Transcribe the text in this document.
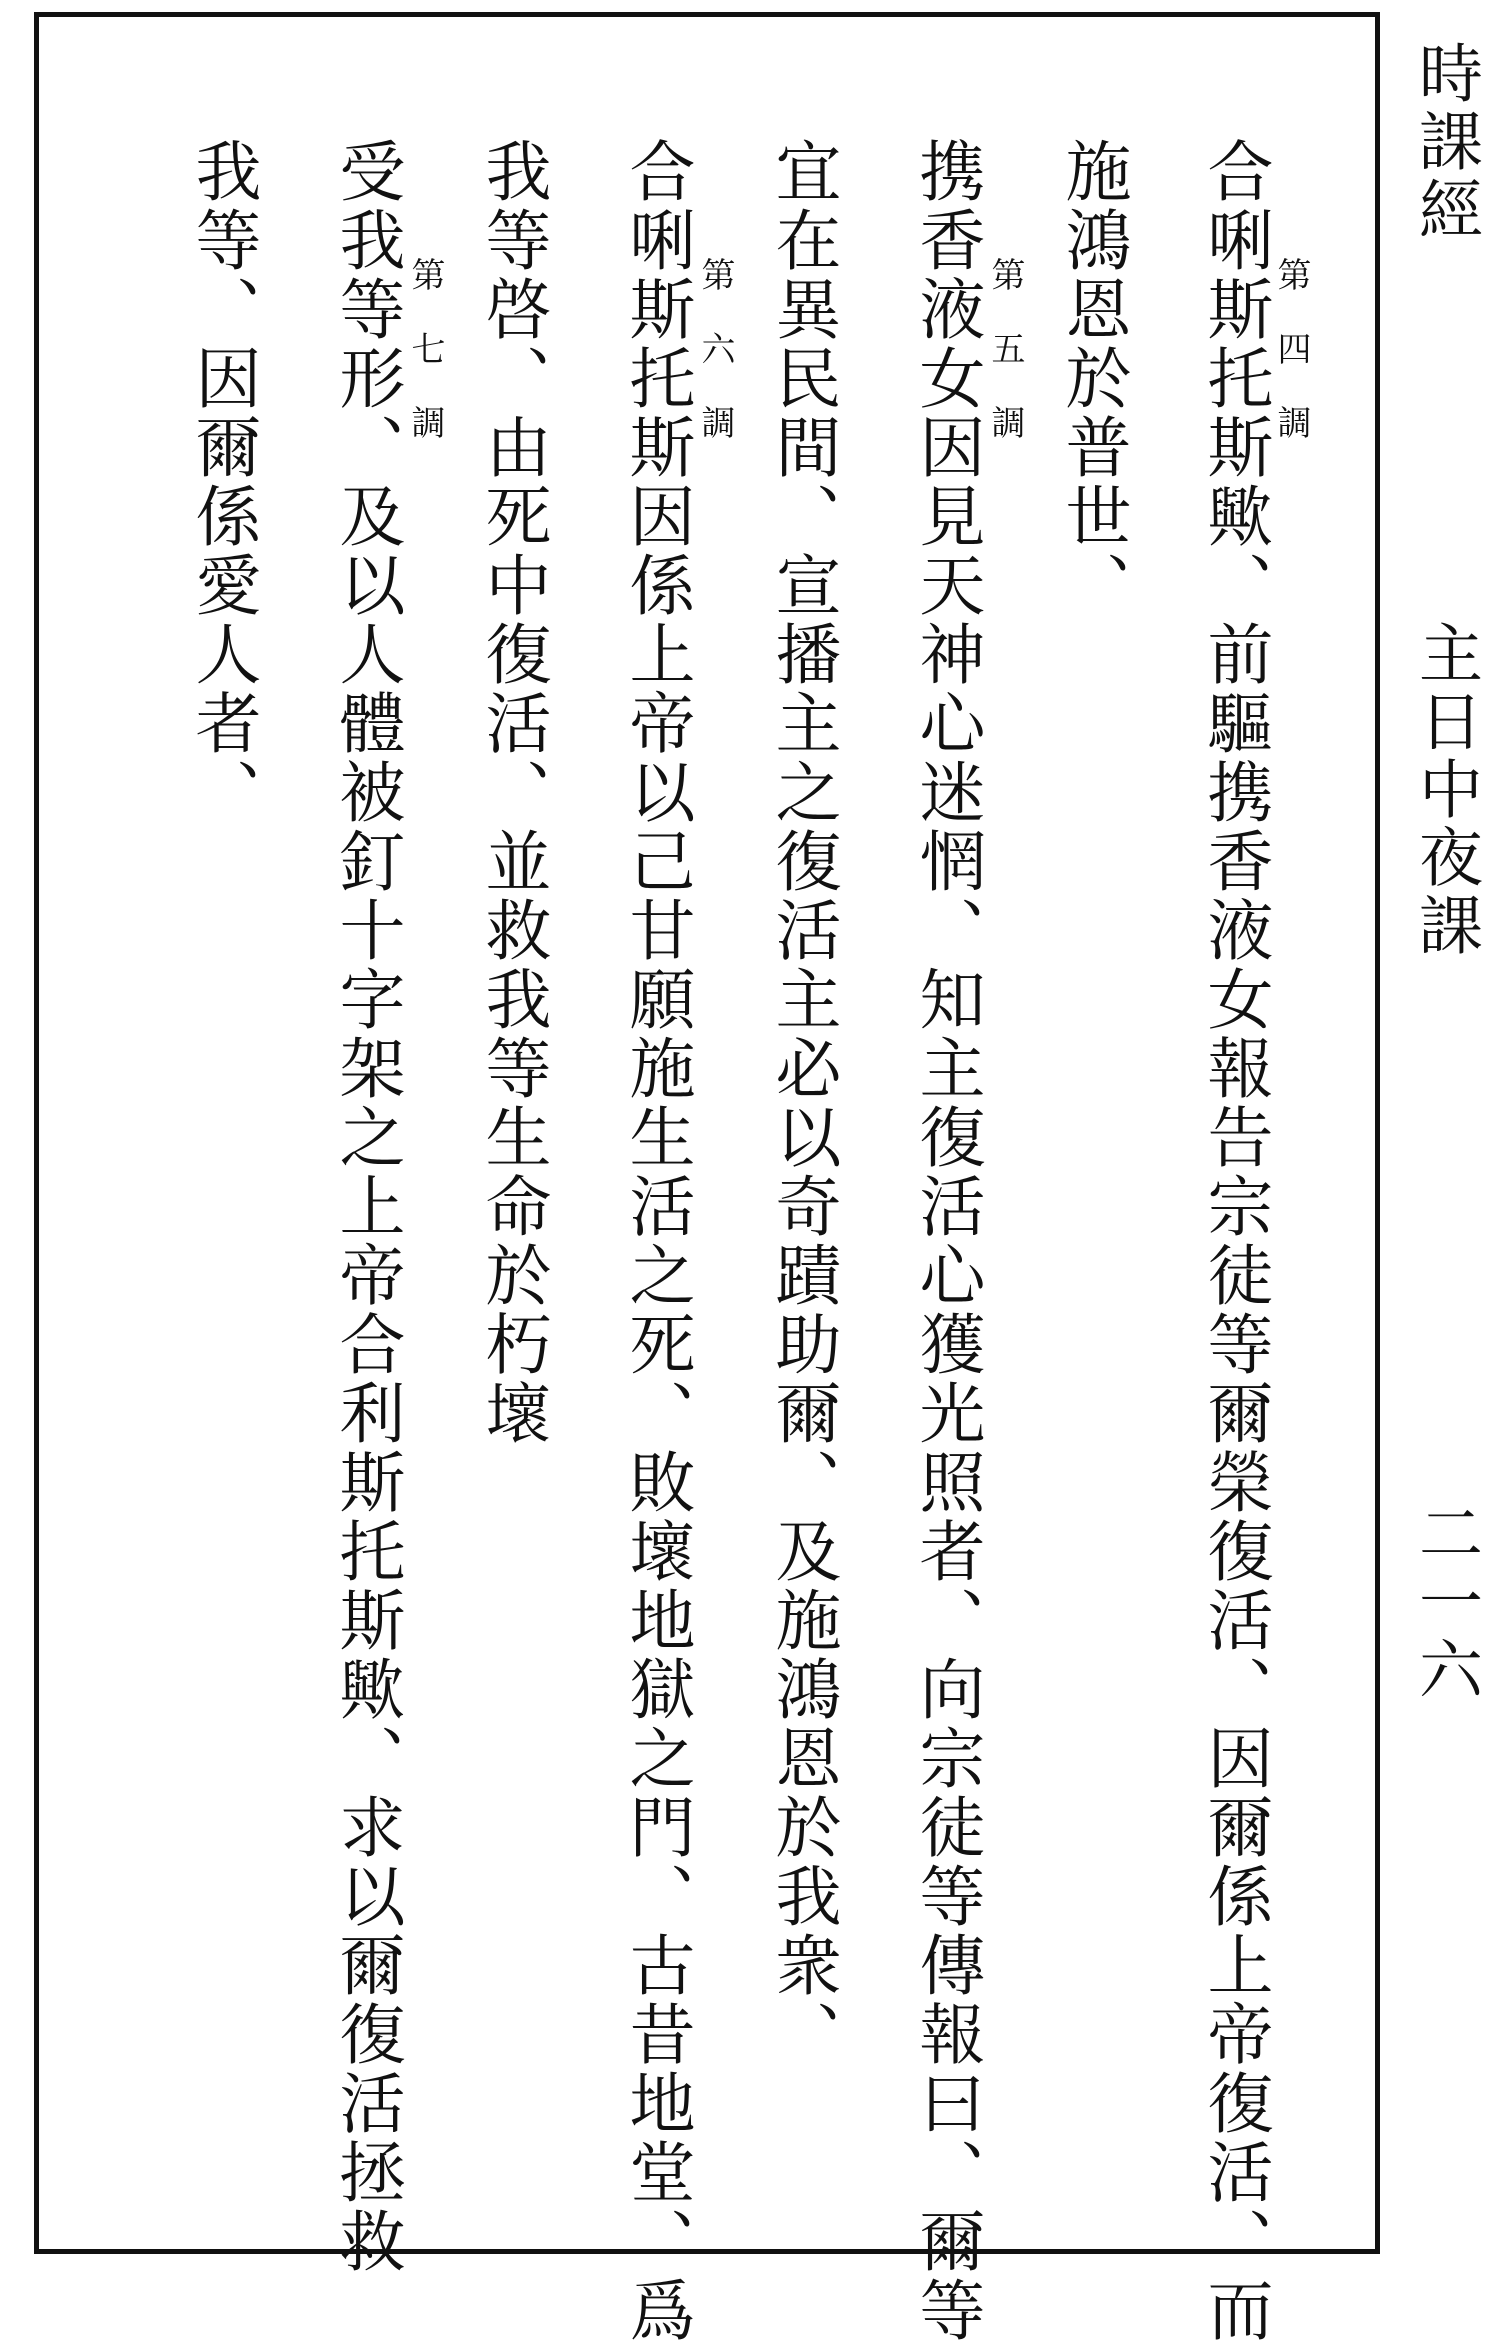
第四調
合唎斯托斯歟、前驅携香液女報告宗徒等爾榮復活、因爾係上帝復活、而
施鴻恩於普世、
第五調
携香液女因見天神心迷惘、知主復活心獲光照者、向宗徒等傳報曰、爾等
宜在異民間、宣播主之復活主必以奇蹟助爾、及施鴻恩於我衆、
第六調
合唎斯托斯因係上帝以己甘願施生活之死、敗壞地獄之門、古昔地堂、爲
我等啓、由死中復活、並救我等生命於朽壞
第七調
受我等形、及以人體被釘十字架之上帝合利斯托斯歟、求以爾復活拯救
我等、因爾係愛人者、	時課經
主日中夜課
二一六
